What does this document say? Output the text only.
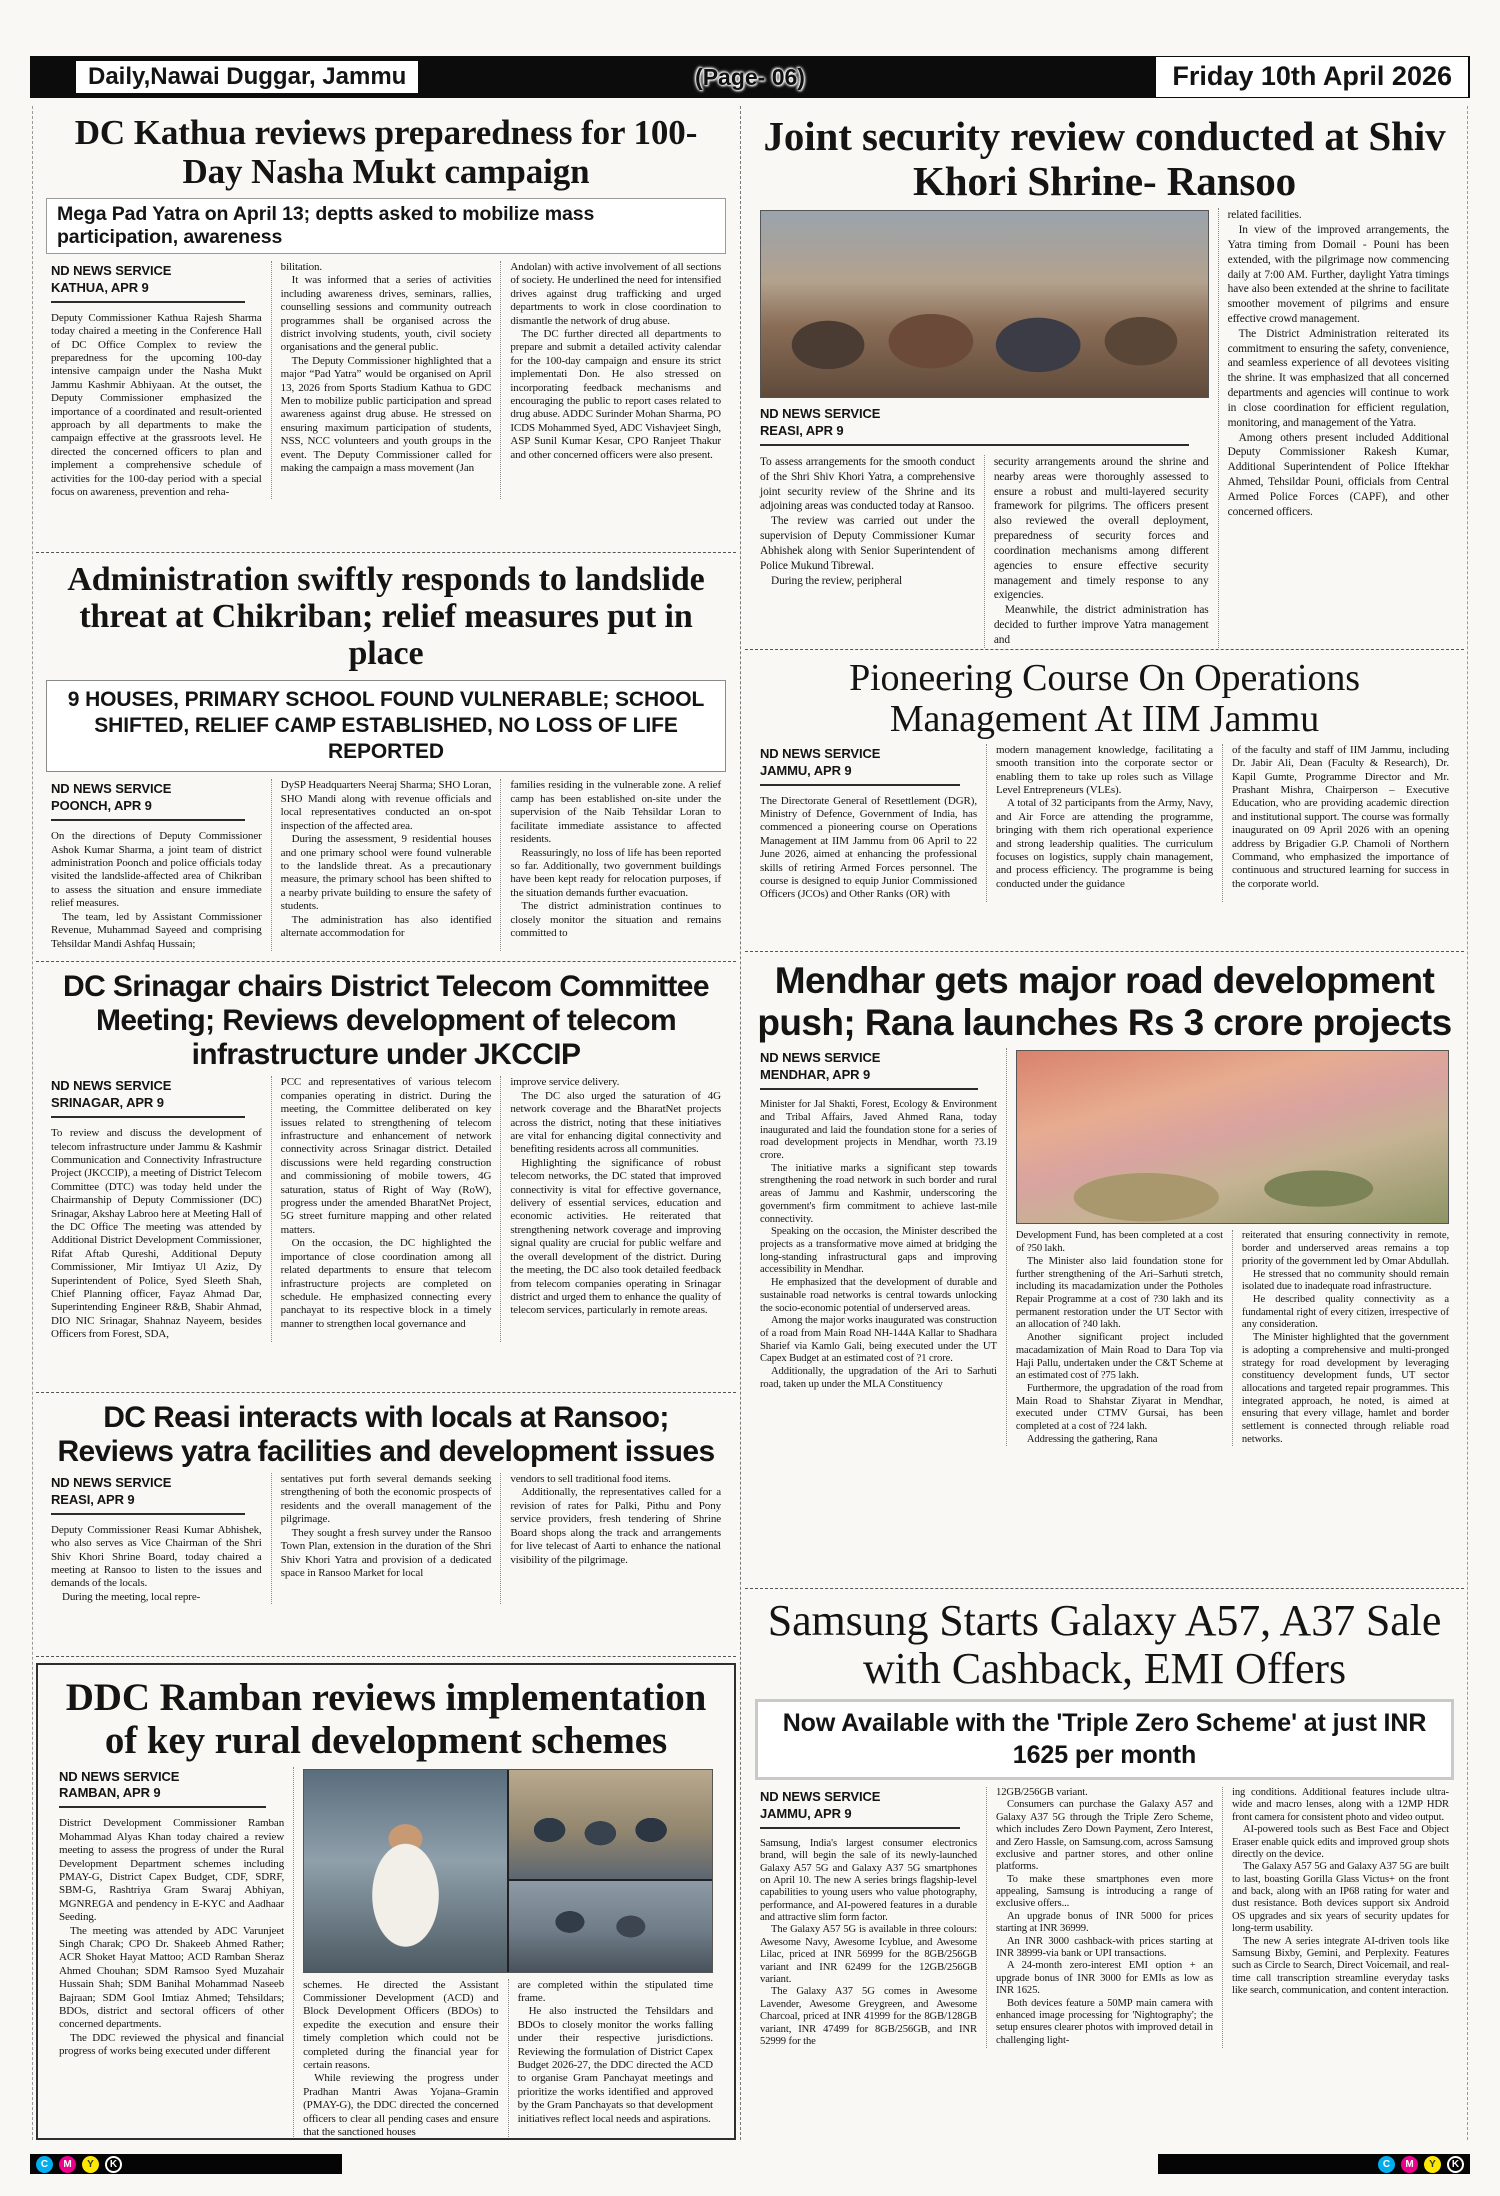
Daily,Nawai Duggar, Jammu	(Page- 06)	Friday 10th April 2026
DC Kathua reviews preparedness for 100-Day Nasha Mukt campaign
Mega Pad Yatra on April 13; deptts asked to mobilize mass participation, awareness
ND NEWS SERVICE
KATHUA, APR 9

Deputy Commissioner Kathua Rajesh Sharma today chaired a meeting in the Conference Hall of DC Office Complex to review the preparedness for the upcoming 100-day intensive campaign under the Nasha Mukt Jammu Kashmir Abhiyaan. At the outset, the Deputy Commissioner emphasized the importance of a coordinated and result-oriented approach by all departments to make the campaign effective at the grassroots level. He directed the concerned officers to plan and implement a comprehensive schedule of activities for the 100-day period with a special focus on awareness, prevention and reha-

bilitation.

It was informed that a series of activities including awareness drives, seminars, rallies, counselling sessions and community outreach programmes shall be organised across the district involving students, youth, civil society organisations and the general public.

The Deputy Commissioner highlighted that a major “Pad Yatra” would be organised on April 13, 2026 from Sports Stadium Kathua to GDC Men to mobilize public participation and spread awareness against drug abuse. He stressed on ensuring maximum participation of students, NSS, NCC volunteers and youth groups in the event. The Deputy Commissioner called for making the campaign a mass movement (Jan

Andolan) with active involvement of all sections of society. He underlined the need for intensified drives against drug trafficking and urged departments to work in close coordination to dismantle the network of drug abuse.

The DC further directed all departments to prepare and submit a detailed activity calendar for the 100-day campaign and ensure its strict implementati Don. He also stressed on incorporating feedback mechanisms and encouraging the public to report cases related to drug abuse. ADDC Surinder Mohan Sharma, PO ICDS Mohammed Syed, ADC Vishavjeet Singh, ASP Sunil Kumar Kesar, CPO Ranjeet Thakur and other concerned officers were also present.

Administration swiftly responds to landslide threat at Chikriban; relief measures put in place
9 HOUSES, PRIMARY SCHOOL FOUND VULNERABLE; SCHOOL SHIFTED, RELIEF CAMP ESTABLISHED, NO LOSS OF LIFE REPORTED
ND NEWS SERVICE
POONCH, APR 9

On the directions of Deputy Commissioner Ashok Kumar Sharma, a joint team of district administration Poonch and police officials today visited the landslide-affected area of Chikriban to assess the situation and ensure immediate relief measures.

The team, led by Assistant Commissioner Revenue, Muhammad Sayeed and comprising Tehsildar Mandi Ashfaq Hussain;

DySP Headquarters Neeraj Sharma; SHO Loran, SHO Mandi along with revenue officials and local representatives conducted an on-spot inspection of the affected area.

During the assessment, 9 residential houses and one primary school were found vulnerable to the landslide threat. As a precautionary measure, the primary school has been shifted to a nearby private building to ensure the safety of students.

The administration has also identified alternate accommodation for

families residing in the vulnerable zone. A relief camp has been established on-site under the supervision of the Naib Tehsildar Loran to facilitate immediate assistance to affected residents.

Reassuringly, no loss of life has been reported so far. Additionally, two government buildings have been kept ready for relocation purposes, if the situation demands further evacuation.

The district administration continues to closely monitor the situation and remains committed to

DC Srinagar chairs District Telecom Committee Meeting; Reviews development of telecom infrastructure under JKCCIP
ND NEWS SERVICE
SRINAGAR, APR 9

To review and discuss the development of telecom infrastructure under Jammu & Kashmir Communication and Connectivity Infrastructure Project (JKCCIP), a meeting of District Telecom Committee (DTC) was today held under the Chairmanship of Deputy Commissioner (DC) Srinagar, Akshay Labroo here at Meeting Hall of the DC Office The meeting was attended by Additional District Development Commissioner, Rifat Aftab Qureshi, Additional Deputy Commissioner, Mir Imtiyaz Ul Aziz, Dy Superintendent of Police, Syed Sleeth Shah, Chief Planning officer, Fayaz Ahmad Dar, Superintending Engineer R&B, Shabir Ahmad, DIO NIC Srinagar, Shahnaz Nayeem, besides Officers from Forest, SDA,

PCC and representatives of various telecom companies operating in district. During the meeting, the Committee deliberated on key issues related to strengthening of telecom infrastructure and enhancement of network connectivity across Srinagar district. Detailed discussions were held regarding construction and commissioning of mobile towers, 4G saturation, status of Right of Way (RoW), progress under the amended BharatNet Project, 5G street furniture mapping and other related matters.

On the occasion, the DC highlighted the importance of close coordination among all related departments to ensure that telecom infrastructure projects are completed on schedule. He emphasized connecting every panchayat to its respective block in a timely manner to strengthen local governance and

improve service delivery.

The DC also urged the saturation of 4G network coverage and the BharatNet projects across the district, noting that these initiatives are vital for enhancing digital connectivity and benefiting residents across all communities.

Highlighting the significance of robust telecom networks, the DC stated that improved connectivity is vital for effective governance, delivery of essential services, education and economic activities. He reiterated that strengthening network coverage and improving signal quality are crucial for public welfare and the overall development of the district. During the meeting, the DC also took detailed feedback from telecom companies operating in Srinagar district and urged them to enhance the quality of telecom services, particularly in remote areas.

DC Reasi interacts with locals at Ransoo; Reviews yatra facilities and development issues
ND NEWS SERVICE
REASI, APR 9

Deputy Commissioner Reasi Kumar Abhishek, who also serves as Vice Chairman of the Shri Shiv Khori Shrine Board, today chaired a meeting at Ransoo to listen to the issues and demands of the locals.

During the meeting, local repre-

sentatives put forth several demands seeking strengthening of both the economic prospects of residents and the overall management of the pilgrimage.

They sought a fresh survey under the Ransoo Town Plan, extension in the duration of the Shri Shiv Khori Yatra and provision of a dedicated space in Ransoo Market for local

vendors to sell traditional food items.

Additionally, the representatives called for a revision of rates for Palki, Pithu and Pony service providers, fresh tendering of Shrine Board shops along the track and arrangements for live telecast of Aarti to enhance the national visibility of the pilgrimage.

DDC Ramban reviews implementation of key rural development schemes
ND NEWS SERVICE
RAMBAN, APR 9

District Development Commissioner Ramban Mohammad Alyas Khan today chaired a review meeting to assess the progress of under the Rural Development Department schemes including PMAY-G, District Capex Budget, CDF, SDRF, SBM-G, Rashtriya Gram Swaraj Abhiyan, MGNREGA and pendency in E-KYC and Aadhaar Seeding.

The meeting was attended by ADC Varunjeet Singh Charak; CPO Dr. Shakeeb Ahmed Rather; ACR Shoket Hayat Mattoo; ACD Ramban Sheraz Ahmed Chouhan; SDM Ramsoo Syed Muzahair Hussain Shah; SDM Banihal Mohammad Naseeb Bajraan; SDM Gool Imtiaz Ahmed; Tehsildars; BDOs, district and sectoral officers of other concerned departments.

The DDC reviewed the physical and financial progress of works being executed under different

schemes. He directed the Assistant Commissioner Development (ACD) and Block Development Officers (BDOs) to expedite the execution and ensure their timely completion which could not be completed during the financial year for certain reasons.

While reviewing the progress under Pradhan Mantri Awas Yojana–Gramin (PMAY-G), the DDC directed the concerned officers to clear all pending cases and ensure that the sanctioned houses

are completed within the stipulated time frame.

He also instructed the Tehsildars and BDOs to closely monitor the works falling under their respective jurisdictions. Reviewing the formulation of District Capex Budget 2026-27, the DDC directed the ACD to organise Gram Panchayat meetings and prioritize the works identified and approved by the Gram Panchayats so that development initiatives reflect local needs and aspirations.

Joint security review conducted at Shiv Khori Shrine- Ransoo
ND NEWS SERVICE
REASI, APR 9

To assess arrangements for the smooth conduct of the Shri Shiv Khori Yatra, a comprehensive joint security review of the Shrine and its adjoining areas was conducted today at Ransoo.

The review was carried out under the supervision of Deputy Commissioner Kumar Abhishek along with Senior Superintendent of Police Mukund Tibrewal.

During the review, peripheral

security arrangements around the shrine and nearby areas were thoroughly assessed to ensure a robust and multi-layered security framework for pilgrims. The officers present also reviewed the overall deployment, preparedness of security forces and coordination mechanisms among different agencies to ensure effective security management and timely response to any exigencies.

Meanwhile, the district administration has decided to further improve Yatra management and

related facilities.

In view of the improved arrangements, the Yatra timing from Domail - Pouni has been extended, with the pilgrimage now commencing daily at 7:00 AM. Further, daylight Yatra timings have also been extended at the shrine to facilitate smoother movement of pilgrims and ensure effective crowd management.

The District Administration reiterated its commitment to ensuring the safety, convenience, and seamless experience of all devotees visiting the shrine. It was emphasized that all concerned departments and agencies will continue to work in close coordination for efficient regulation, monitoring, and management of the Yatra.

Among others present included Additional Deputy Commissioner Rakesh Kumar, Additional Superintendent of Police Iftekhar Ahmed, Tehsildar Pouni, officials from Central Armed Police Forces (CAPF), and other concerned officers.

Pioneering Course On Operations Management At IIM Jammu
ND NEWS SERVICE
JAMMU, APR 9

The Directorate General of Resettlement (DGR), Ministry of Defence, Government of India, has commenced a pioneering course on Operations Management at IIM Jammu from 06 April to 22 June 2026, aimed at enhancing the professional skills of retiring Armed Forces personnel. The course is designed to equip Junior Commissioned Officers (JCOs) and Other Ranks (OR) with

modern management knowledge, facilitating a smooth transition into the corporate sector or enabling them to take up roles such as Village Level Entrepreneurs (VLEs).

A total of 32 participants from the Army, Navy, and Air Force are attending the programme, bringing with them rich operational experience and strong leadership qualities. The curriculum focuses on logistics, supply chain management, and process efficiency. The programme is being conducted under the guidance

of the faculty and staff of IIM Jammu, including Dr. Jabir Ali, Dean (Faculty & Research), Dr. Kapil Gumte, Programme Director and Mr. Prashant Mishra, Chairperson – Executive Education, who are providing academic direction and institutional support. The course was formally inaugurated on 09 April 2026 with an opening address by Brigadier G.P. Chamoli of Northern Command, who emphasized the importance of continuous and structured learning for success in the corporate world.

Mendhar gets major road development push; Rana launches Rs 3 crore projects
ND NEWS SERVICE
MENDHAR, APR 9

Minister for Jal Shakti, Forest, Ecology & Environment and Tribal Affairs, Javed Ahmed Rana, today inaugurated and laid the foundation stone for a series of road development projects in Mendhar, worth ?3.19 crore.

The initiative marks a significant step towards strengthening the road network in such border and rural areas of Jammu and Kashmir, underscoring the government's firm commitment to achieve last-mile connectivity.

Speaking on the occasion, the Minister described the projects as a transformative move aimed at bridging the long-standing infrastructural gaps and improving accessibility in Mendhar.

He emphasized that the development of durable and sustainable road networks is central towards unlocking the socio-economic potential of underserved areas.

Among the major works inaugurated was construction of a road from Main Road NH-144A Kallar to Shadhara Sharief via Kamlo Gali, being executed under the UT Capex Budget at an estimated cost of ?1 crore.

Additionally, the upgradation of the Ari to Sarhuti road, taken up under the MLA Constituency

Development Fund, has been completed at a cost of ?50 lakh.

The Minister also laid foundation stone for further strengthening of the Ari–Sarhuti stretch, including its macadamization under the Potholes Repair Programme at a cost of ?30 lakh and its permanent restoration under the UT Sector with an allocation of ?40 lakh.

Another significant project included macadamization of Main Road to Dara Top via Haji Pallu, undertaken under the C&T Scheme at an estimated cost of ?75 lakh.

Furthermore, the upgradation of the road from Main Road to Shahstar Ziyarat in Mendhar, executed under CTMV Gursai, has been completed at a cost of ?24 lakh.

Addressing the gathering, Rana

reiterated that ensuring connectivity in remote, border and underserved areas remains a top priority of the government led by Omar Abdullah.

He stressed that no community should remain isolated due to inadequate road infrastructure.

He described quality connectivity as a fundamental right of every citizen, irrespective of any consideration.

The Minister highlighted that the government is adopting a comprehensive and multi-pronged strategy for road development by leveraging constituency development funds, UT sector allocations and targeted repair programmes. This integrated approach, he noted, is aimed at ensuring that every village, hamlet and border settlement is connected through reliable road networks.

Samsung Starts Galaxy A57, A37 Sale with Cashback, EMI Offers
Now Available with the 'Triple Zero Scheme' at just INR 1625 per month
ND NEWS SERVICE
JAMMU, APR 9

Samsung, India's largest consumer electronics brand, will begin the sale of its newly-launched Galaxy A57 5G and Galaxy A37 5G smartphones on April 10. The new A series brings flagship-level capabilities to young users who value photography, performance, and AI-powered features in a durable and attractive slim form factor.

The Galaxy A57 5G is available in three colours: Awesome Navy, Awesome Icyblue, and Awesome Lilac, priced at INR 56999 for the 8GB/256GB variant and INR 62499 for the 12GB/256GB variant.

The Galaxy A37 5G comes in Awesome Lavender, Awesome Greygreen, and Awesome Charcoal, priced at INR 41999 for the 8GB/128GB variant, INR 47499 for 8GB/256GB, and INR 52999 for the

12GB/256GB variant.

Consumers can purchase the Galaxy A57 and Galaxy A37 5G through the Triple Zero Scheme, which includes Zero Down Payment, Zero Interest, and Zero Hassle, on Samsung.com, across Samsung exclusive and partner stores, and other online platforms.

To make these smartphones even more appealing, Samsung is introducing a range of exclusive offers...

An upgrade bonus of INR 5000 for prices starting at INR 36999.

An INR 3000 cashback-with prices starting at INR 38999-via bank or UPI transactions.

A 24-month zero-interest EMI option + an upgrade bonus of INR 3000 for EMIs as low as INR 1625.

Both devices feature a 50MP main camera with enhanced image processing for 'Nightography'; the setup ensures clearer photos with improved detail in challenging light-

ing conditions. Additional features include ultra-wide and macro lenses, along with a 12MP HDR front camera for consistent photo and video output.

AI-powered tools such as Best Face and Object Eraser enable quick edits and improved group shots directly on the device.

The Galaxy A57 5G and Galaxy A37 5G are built to last, boasting Gorilla Glass Victus+ on the front and back, along with an IP68 rating for water and dust resistance. Both devices support six Android OS upgrades and six years of security updates for long-term usability.

The new A series integrate AI-driven tools like Samsung Bixby, Gemini, and Perplexity. Features such as Circle to Search, Direct Voicemail, and real-time call transcription streamline everyday tasks like search, communication, and content interaction.

C	M	Y	K	C	M	Y	K
